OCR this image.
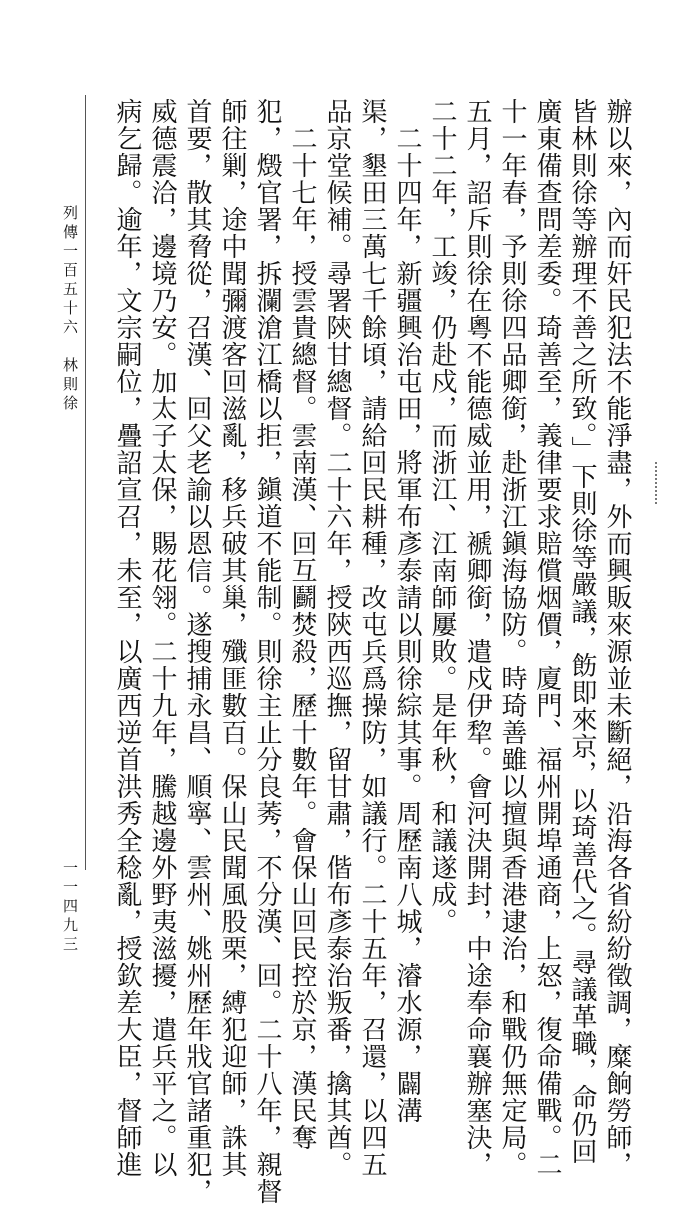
辦以來，內而奸民犯法不能淨盡，外而興販來源並未斷絕，沿海各省紛紛徵調，糜餉勞師，
皆林則徐等辦理不善之所致。」下則徐等嚴議，飭即來京，以琦善代之。尋議革職，命仍回
廣東備查問差委。琦善至，義律要求賠償烟價，廈門、福州開埠通商，上怒，復命備戰。二
十一年春，予則徐四品卿銜，赴浙江鎭海協防。時琦善雖以擅與香港逮治，和戰仍無定局。
五月，詔斥則徐在粵不能德威並用，褫卿銜，遣戍伊犂。會河決開封，中途奉命襄辦塞決，
二十二年，工竣，仍赴戍，而浙江、江南師屢敗。是年秋，和議遂成。
　二十四年，新疆興治屯田，將軍布彥泰請以則徐綜其事。周歷南八城，濬水源，闢溝
渠，墾田三萬七千餘頃，請給回民耕種，改屯兵爲操防，如議行。二十五年，召還，以四五
品京堂候補。尋署陝甘總督。二十六年，授陝西巡撫，留甘肅，偕布彥泰治叛番，擒其酋。
　二十七年，授雲貴總督。雲南漢、回互鬬焚殺，歷十數年。會保山回民控於京，漢民奪
犯，燬官署，拆瀾滄江橋以拒，鎭道不能制。則徐主止分良莠，不分漢、回。二十八年，親督
師往剿，途中聞彌渡客回滋亂，移兵破其巢，殲匪數百。保山民聞風股栗，縛犯迎師，誅其
首要，散其脅從，召漢、回父老諭以恩信。遂搜捕永昌、順寧、雲州、姚州歷年戕官諸重犯，
威德震洽，邊境乃安。加太子太保，賜花翎。二十九年，騰越邊外野夷滋擾，遣兵平之。以
病乞歸。逾年，文宗嗣位，疊詔宣召，未至，以廣西逆首洪秀全稔亂，授欽差大臣，督師進
列傳一百五十六　林則徐
一一四九三
